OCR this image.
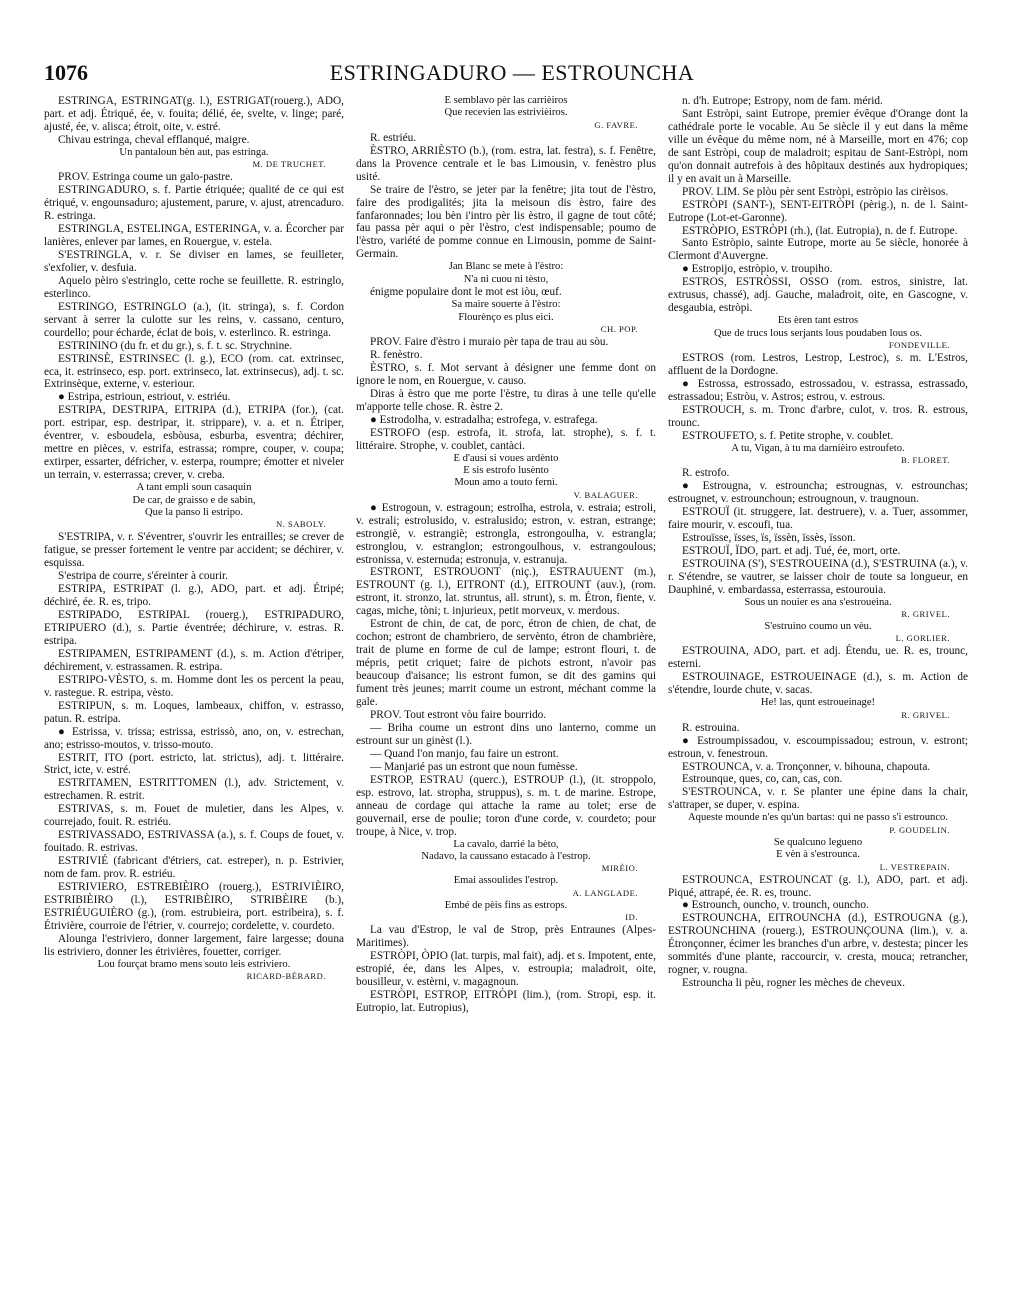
1076	ESTRINGADURO — ESTROUNCHA

ESTRINGA, ESTRINGAT(g. l.), ESTRIGAT(rouerg.), ADO, part. et adj. Étriqué, ée, v. fouita; délié, ée, svelte, v. linge; paré, ajusté, ée, v. alisca; étroit, oite, v. estré.

Chivau estringa, cheval efflanqué, maigre.

Un pantaloun bèn aut, pas estringa.

M. DE TRUCHET.

PROV. Estringa coume un galo-pastre.

ESTRINGADURO, s. f. Partie étriquée; qualité de ce qui est étriqué, v. engounsaduro; ajustement, parure, v. ajust, atrencaduro. R. estringa.

ESTRINGLA, ESTELINGA, ESTERINGA, v. a. Écorcher par lanières, enlever par lames, en Rouergue, v. estela.

S'ESTRINGLA, v. r. Se diviser en lames, se feuilleter, s'exfolier, v. desfuia.

Aquelo pèiro s'estringlo, cette roche se feuillette. R. estringlo, esterlinco.

ESTRINGO, ESTRINGLO (a.), (it. stringa), s. f. Cordon servant à serrer la culotte sur les reins, v. cassano, centuro, courdello; pour écharde, éclat de bois, v. esterlinco. R. estringa.

ESTRININO (du fr. et du gr.), s. f. t. sc. Strychnine.

ESTRINSÈ, ESTRINSEC (l. g.), ECO (rom. cat. extrinsec, eca, it. estrinseco, esp. port. extrinseco, lat. extrinsecus), adj. t. sc. Extrinsèque, externe, v. esteriour.

● Estripa, estrioun, estriout, v. estriéu.

ESTRIPA, DESTRIPA, EITRIPA (d.), ETRIPA (for.), (cat. port. estripar, esp. destripar, it. strippare), v. a. et n. Étriper, éventrer, v. esboudela, esbòusa, esburba, esventra; déchirer, mettre en pièces, v. estrifa, estrassa; rompre, couper, v. coupa; extirper, essarter, défricher, v. esterpa, roumpre; émotter et niveler un terrain, v. esterrassa; crever, v. creba.

A tant empli soun casaquin

De car, de graisso e de sabin,

Que la panso li estripo.

N. SABOLY.

S'ESTRIPA, v. r. S'éventrer, s'ouvrir les entrailles; se crever de fatigue, se presser fortement le ventre par accident; se déchirer, v. esquissa.

S'estripa de courre, s'éreinter à courir.

ESTRIPA, ESTRIPAT (l. g.), ADO, part. et adj. Étripé; déchiré, ée. R. es, tripo.

ESTRIPADO, ESTRIPAL (rouerg.), ESTRIPADURO, ETRIPUERO (d.), s. Partie éventrée; déchirure, v. estras. R. estripa.

ESTRIPAMEN, ESTRIPAMENT (d.), s. m. Action d'étriper, déchirement, v. estrassamen. R. estripa.

ESTRIPO-VÈSTO, s. m. Homme dont les os percent la peau, v. rastegue. R. estripa, vèsto.

ESTRIPUN, s. m. Loques, lambeaux, chiffon, v. estrasso, patun. R. estripa.

● Estrissa, v. trissa; estrissa, estrissò, ano, on, v. estrechan, ano; estrisso-moutos, v. trisso-mouto.

ESTRIT, ITO (port. estricto, lat. strictus), adj. t. littéraire. Strict, icte, v. estré.

ESTRITAMEN, ESTRITTOMEN (l.), adv. Strictement, v. estrechamen. R. estrit.

ESTRIVAS, s. m. Fouet de muletier, dans les Alpes, v. courrejado, fouit. R. estriéu.

ESTRIVASSADO, ESTRIVASSA (a.), s. f. Coups de fouet, v. fouitado. R. estrivas.

ESTRIVIÉ (fabricant d'étriers, cat. estreper), n. p. Estrivier, nom de fam. prov. R. estriéu.

ESTRIVIERO, ESTREBIÈIRO (rouerg.), ESTRIVIÈIRO, ESTRIBIÈIRO (l.), ESTRIBÈIRO, STRIBÈIRE (b.), ESTRIÉUGUIÈRO (g.), (rom. estrubieira, port. estribeira), s. f. Étrivière, courroie de l'étrier, v. courrejo; cordelette, v. courdeto.

Alounga l'estriviero, donner largement, faire largesse; douna lis estriviero, donner les étrivières, fouetter, corriger.

Lou fourçat bramo mens souto leis estriviero.

RICARD-BÉRARD.

E semblavo pèr las carrièiros

Que recevien las estrivièiros.

G. FAVRE.

R. estriéu.

ÈSTRO, ARRIÈSTO (b.), (rom. estra, lat. festra), s. f. Fenêtre, dans la Provence centrale et le bas Limousin, v. fenèstro plus usité.

Se traire de l'èstro, se jeter par la fenêtre; jita tout de l'èstro, faire des prodigalités; jita la meisoun dis èstro, faire des fanfaronnades; lou bèn i'intro pèr lis èstro, il gagne de tout côté; fau passa pèr aqui o pèr l'èstro, c'est indispensable; poumo de l'èstro, variété de pomme connue en Limousin, pomme de Saint-Germain.

Jan Blanc se mete à l'èstro:

N'a ni cuou ni tèsto,

énigme populaire dont le mot est iòu, œuf.

Sa maire souerte à l'èstro:

Flourènço es plus eici.

CH. POP.

PROV. Faire d'èstro i muraio pèr tapa de trau au sòu.

R. fenèstro.

ÈSTRO, s. f. Mot servant à désigner une femme dont on ignore le nom, en Rouergue, v. causo.

Diras à èstro que me porte l'èstre, tu diras à une telle qu'elle m'apporte telle chose. R. èstre 2.

● Estrodolha, v. estradalha; estrofega, v. estrafega.

ESTROFO (esp. estrofa, it. strofa, lat. strophe), s. f. t. littéraire. Strophe, v. coublet, cantàci.

E d'ausi si voues ardènto

E sis estrofo lusènto

Moun amo a touto fernì.

V. BALAGUER.

● Estrogoun, v. estragoun; estrolha, estrola, v. estraia; estroli, v. estrali; estrolusido, v. estralusido; estron, v. estran, estrange; estrongiè, v. estrangiè; estrongla, estrongoulha, v. estrangla; estronglou, v. estranglon; estrongoulhous, v. estrangoulous; estronissa, v. esternuda; estronuja, v. estranuja.

ESTRONT, ESTROUONT (niç.), ESTRAUUENT (m.), ESTROUNT (g. l.), EITRONT (d.), EITROUNT (auv.), (rom. estront, it. stronzo, lat. struntus, all. strunt), s. m. Étron, fiente, v. cagas, miche, tòni; t. injurieux, petit morveux, v. merdous.

Estront de chin, de cat, de porc, étron de chien, de chat, de cochon; estront de chambriero, de servènto, étron de chambrière, trait de plume en forme de cul de lampe; estront flouri, t. de mépris, petit criquet; faire de pichots estront, n'avoir pas beaucoup d'aisance; lis estront fumon, se dit des gamins qui fument très jeunes; marrit coume un estront, méchant comme la gale.

PROV. Tout estront vòu faire bourrido.

— Briha coume un estront dins uno lanterno, comme un estrount sur un ginèst (l.).

— Quand l'on manjo, fau faire un estront.

— Manjarié pas un estront que noun fumèsse.

ESTROP, ESTRAU (querc.), ESTROUP (l.), (it. stroppolo, esp. estrovo, lat. stropha, struppus), s. m. t. de marine. Estrope, anneau de cordage qui attache la rame au tolet; erse de gouvernail, erse de poulie; toron d'une corde, v. courdeto; pour troupe, à Nice, v. trop.

La cavalo, darrié la bèto,

Nadavo, la caussano estacado à l'estrop.

MIRÈIO.

Emai assoulides l'estrop.

A. LANGLADE.

Embé de pèis fins as estrops.

ID.

La vau d'Estrop, le val de Strop, près Entraunes (Alpes-Maritimes).

ESTRÒPI, ÒPIO (lat. turpis, mal fait), adj. et s. Impotent, ente, estropié, ée, dans les Alpes, v. estroupia; maladroit, oite, bousilleur, v. estèrni, v. magagnoun.

ESTRÒPI, ESTROP, EITRÒPI (lim.), (rom. Stropi, esp. it. Eutropio, lat. Eutropius),

n. d'h. Eutrope; Estropy, nom de fam. mérid.

Sant Estròpi, saint Eutrope, premier évêque d'Orange dont la cathédrale porte le vocable. Au 5e siècle il y eut dans la même ville un évêque du même nom, né à Marseille, mort en 476; cop de sant Estròpi, coup de maladroit; espitau de Sant-Estròpi, nom qu'on donnait autrefois à des hôpitaux destinés aux hydropiques; il y en avait un à Marseille.

PROV. LIM. Se plòu pèr sent Estròpi, estròpio las cirèisos.

ESTRÒPI (SANT-), SENT-EITRÒPI (pèrig.), n. de l. Saint-Eutrope (Lot-et-Garonne).

ESTRÒPIO, ESTRÒPI (rh.), (lat. Eutropia), n. de f. Eutrope.

Santo Estròpio, sainte Eutrope, morte au 5e siècle, honorée à Clermont d'Auvergne.

● Estropijo, estròpio, v. troupiho.

ESTROS, ESTRÒSSI, OSSO (rom. estros, sinistre, lat. extrusus, chassé), adj. Gauche, maladroit, oite, en Gascogne, v. desgaubia, estròpi.

Ets èren tant estros

Que de trucs lous serjants lous poudaben lous os.

FONDEVILLE.

ESTROS (rom. Lestros, Lestrop, Lestroc), s. m. L'Estros, affluent de la Dordogne.

● Estrossa, estrossado, estrossadou, v. estrassa, estrassado, estrassadou; Estròu, v. Astros; estrou, v. estrous.

ESTROUCH, s. m. Tronc d'arbre, culot, v. tros. R. estrous, trounc.

ESTROUFETO, s. f. Petite strophe, v. coublet.

A tu, Vigan, à tu ma darnièiro estroufeto.

B. FLORET.

R. estrofo.

● Estrougna, v. estrouncha; estrougnas, v. estrounchas; estrougnet, v. estrounchoun; estrougnoun, v. traugnoun.

ESTROUÏ (it. struggere, lat. destruere), v. a. Tuer, assommer, faire mourir, v. escoufi, tua.

Estrouïsse, ïsses, ïs, ïssèn, ïssès, ïsson.

ESTROUÏ, ÏDO, part. et adj. Tué, ée, mort, orte.

ESTROUINA (S'), S'ESTROUEINA (d.), S'ESTRUINA (a.), v. r. S'étendre, se vautrer, se laisser choir de toute sa longueur, en Dauphiné, v. embardassa, esterrassa, estourouia.

Sous un nouier es ana s'estroueina.

R. GRIVEL.

S'estruino coumo un vèu.

L. GORLIER.

ESTROUINA, ADO, part. et adj. Étendu, ue. R. es, trounc, esterni.

ESTROUINAGE, ESTROUEINAGE (d.), s. m. Action de s'étendre, lourde chute, v. sacas.

He! las, qunt estroueinage!

R. GRIVEL.

R. estrouina.

● Estroumpissadou, v. escoumpissadou; estroun, v. estront; estroun, v. fenestroun.

ESTROUNCA, v. a. Tronçonner, v. bihouna, chapouta.

Estrounque, ques, co, can, cas, con.

S'ESTROUNCA, v. r. Se planter une épine dans la chair, s'attraper, se duper, v. espina.

Aqueste mounde n'es qu'un bartas: qui ne passo s'i estrounco.

P. GOUDELIN.

Se qualcuno legueno

E vèn à s'estrounca.

L. VESTREPAIN.

ESTROUNCA, ESTROUNCAT (g. l.), ADO, part. et adj. Piqué, attrapé, ée. R. es, trounc.

● Estrounch, ouncho, v. trounch, ouncho.

ESTROUNCHA, EITROUNCHA (d.), ESTROUGNA (g.), ESTROUNCHINA (rouerg.), ESTROUNÇOUNA (lim.), v. a. Étronçonner, écimer les branches d'un arbre, v. destesta; pincer les sommités d'une plante, raccourcir, v. cresta, mouca; retrancher, rogner, v. rougna.

Estrouncha li pèu, rogner les mèches de cheveux.
